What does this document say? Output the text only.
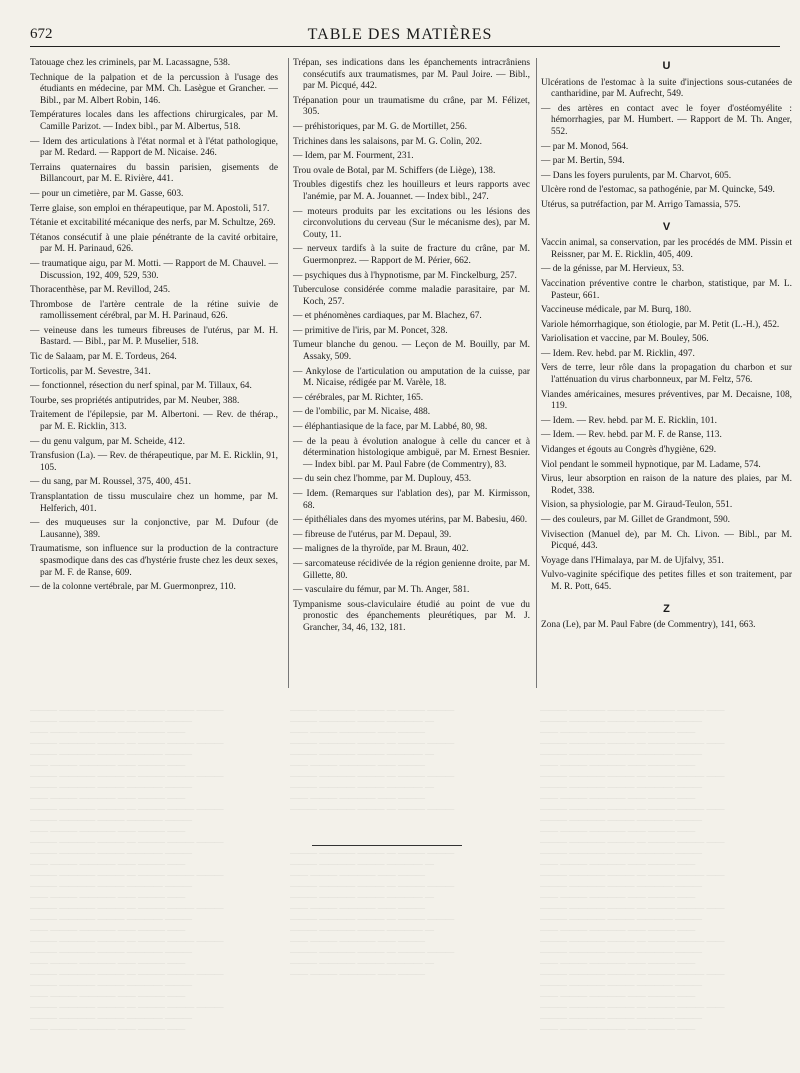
——— ———— ——— — ——— ——— ———
——— ———— ——— ———— ———
—— ——— ———— —— ——— ——
——— ———— ——— — ——— ——— ———
——— ———— ——— ———— ———
—— ——— ———— —— ——— ——
——— ———— ——— — ——— ——— ———
——— ———— ——— ———— ———
—— ——— ———— —— ——— ——
——— ———— ——— — ——— ——— ———
——— ———— ——— ———— ———
—— ——— ———— —— ——— ——
——— ———— ——— — ——— ——— ———
——— ———— ——— ———— ———
—— ——— ———— —— ——— ——
——— ———— ——— — ——— ——— ———
——— ———— ——— ———— ———
—— ——— ———— —— ——— ——
——— ———— ——— — ——— ——— ———
——— ———— ——— ———— ———
—— ——— ———— —— ——— ——
——— ———— ——— — ——— ——— ———
——— ———— ——— ———— ———
—— ——— ———— —— ——— ——
——— ———— ——— — ——— ——— ———
——— ———— ——— ———— ———
—— ——— ———— —— ——— ——
——— ———— ——— — ——— ——— ———
——— ———— ——— ———— ———
—— ——— ———— —— ——— ——
——— ———— ——— — ——— ———
——— ———— ——— ———— —
—— ——— ———— —— ———
——— ———— ——— — ——— ———
——— ———— ——— ———— —
—— ——— ———— —— ———
——— ———— ——— — ——— ———
——— ———— ——— ———— —
—— ——— ———— —— ———
——— ———— ——— — ——— ———

——— ———— ——— — ——— ———
——— ———— ——— ———— —
—— ——— ———— —— ———
——— ———— ——— — ——— ———
——— ———— ——— ———— —
—— ——— ———— —— ———
——— ———— ——— — ——— ———
——— ———— ——— ———— —
—— ——— ———— —— ———
——— ———— ——— — ——— ———
——— ———— ——— ———— —
—— ——— ———— —— ———
——— ———— ——— — ——— ——— ——
——— ———— ——— ———— ———
—— ——— ———— —— ——— ——
——— ———— ——— — ——— ——— ——
——— ———— ——— ———— ———
—— ——— ———— —— ——— ——
——— ———— ——— — ——— ——— ——
——— ———— ——— ———— ———
—— ——— ———— —— ——— ——
——— ———— ——— — ——— ——— ——
——— ———— ——— ———— ———
—— ——— ———— —— ——— ——
——— ———— ——— — ——— ——— ——
——— ———— ——— ———— ———
—— ——— ———— —— ——— ——
——— ———— ——— — ——— ——— ——
——— ———— ——— ———— ———
—— ——— ———— —— ——— ——
——— ———— ——— — ——— ——— ——
——— ———— ——— ———— ———
—— ——— ———— —— ——— ——
——— ———— ——— — ——— ——— ——
——— ———— ——— ———— ———
—— ——— ———— —— ——— ——
——— ———— ——— — ——— ——— ——
——— ———— ——— ———— ———
—— ——— ———— —— ——— ——
——— ———— ——— — ——— ——— ——
——— ———— ——— ———— ———
—— ——— ———— —— ——— ——
672	TABLE DES MATIÈRES
Tatouage chez les criminels, par M. Lacassagne, 538.
Technique de la palpation et de la percussion à l'usage des étudiants en médecine, par MM. Ch. Lasègue et Grancher. — Bibl., par M. Albert Robin, 146.
Températures locales dans les affections chirurgicales, par M. Camille Parizot. — Index bibl., par M. Albertus, 518.
— Idem des articulations à l'état normal et à l'état pathologique, par M. Redard. — Rapport de M. Nicaise. 246.
Terrains quaternaires du bassin parisien, gisements de Billancourt, par M. E. Rivière, 441.
— pour un cimetière, par M. Gasse, 603.
Terre glaise, son emploi en thérapeutique, par M. Apostoli, 517.
Tétanie et excitabilité mécanique des nerfs, par M. Schultze, 269.
Tétanos consécutif à une plaie pénétrante de la cavité orbitaire, par M. H. Parinaud, 626.
— traumatique aigu, par M. Motti. — Rapport de M. Chauvel. — Discussion, 192, 409, 529, 530.
Thoracenthèse, par M. Revillod, 245.
Thrombose de l'artère centrale de la rétine suivie de ramollissement cérébral, par M. H. Parinaud, 626.
— veineuse dans les tumeurs fibreuses de l'utérus, par M. H. Bastard. — Bibl., par M. P. Muselier, 518.
Tic de Salaam, par M. E. Tordeus, 264.
Torticolis, par M. Sevestre, 341.
— fonctionnel, résection du nerf spinal, par M. Tillaux, 64.
Tourbe, ses propriétés antiputrides, par M. Neuber, 388.
Traitement de l'épilepsie, par M. Albertoni. — Rev. de thérap., par M. E. Ricklin, 313.
— du genu valgum, par M. Scheide, 412.
Transfusion (La). — Rev. de thérapeutique, par M. E. Ricklin, 91, 105.
— du sang, par M. Roussel, 375, 400, 451.
Transplantation de tissu musculaire chez un homme, par M. Helferich, 401.
— des muqueuses sur la conjonctive, par M. Dufour (de Lausanne), 389.
Traumatisme, son influence sur la production de la contracture spasmodique dans des cas d'hystérie fruste chez les deux sexes, par M. F. de Ranse, 609.
— de la colonne vertébrale, par M. Guermonprez, 110.
Trépan, ses indications dans les épanchements intracrâniens consécutifs aux traumatismes, par M. Paul Joire. — Bibl., par M. Picqué, 442.
Trépanation pour un traumatisme du crâne, par M. Félizet, 305.
— préhistoriques, par M. G. de Mortillet, 256.
Trichines dans les salaisons, par M. G. Colin, 202.
— Idem, par M. Fourment, 231.
Trou ovale de Botal, par M. Schiffers (de Liège), 138.
Troubles digestifs chez les houilleurs et leurs rapports avec l'anémie, par M. A. Jouannet. — Index bibl., 247.
— moteurs produits par les excitations ou les lésions des circonvolutions du cerveau (Sur le mécanisme des), par M. Couty, 11.
— nerveux tardifs à la suite de fracture du crâne, par M. Guermonprez. — Rapport de M. Périer, 662.
— psychiques dus à l'hypnotisme, par M. Finckelburg, 257.
Tuberculose considérée comme maladie parasitaire, par M. Koch, 257.
— et phénomènes cardiaques, par M. Blachez, 67.
— primitive de l'iris, par M. Poncet, 328.
Tumeur blanche du genou. — Leçon de M. Bouilly, par M. Assaky, 509.
— Ankylose de l'articulation ou amputation de la cuisse, par M. Nicaise, rédigée par M. Varèle, 18.
— cérébrales, par M. Richter, 165.
— de l'ombilic, par M. Nicaise, 488.
— éléphantiasique de la face, par M. Labbé, 80, 98.
— de la peau à évolution analogue à celle du cancer et à détermination histologique ambiguë, par M. Ernest Besnier. — Index bibl. par M. Paul Fabre (de Commentry), 83.
— du sein chez l'homme, par M. Duplouy, 453.
— Idem. (Remarques sur l'ablation des), par M. Kirmisson, 68.
— épithéliales dans des myomes utérins, par M. Babesiu, 460.
— fibreuse de l'utérus, par M. Depaul, 39.
— malignes de la thyroïde, par M. Braun, 402.
— sarcomateuse récidivée de la région genienne droite, par M. Gillette, 80.
— vasculaire du fémur, par M. Th. Anger, 581.
Tympanisme sous-claviculaire étudié au point de vue du pronostic des épanchements pleurétiques, par M. J. Grancher, 34, 46, 132, 181.
U
Ulcérations de l'estomac à la suite d'injections sous-cutanées de cantharidine, par M. Aufrecht, 549.
— des artères en contact avec le foyer d'ostéomyélite : hémorrhagies, par M. Humbert. — Rapport de M. Th. Anger, 552.
— par M. Monod, 564.
— par M. Bertin, 594.
— Dans les foyers purulents, par M. Charvot, 605.
Ulcère rond de l'estomac, sa pathogénie, par M. Quincke, 549.
Utérus, sa putréfaction, par M. Arrigo Tamassia, 575.
V
Vaccin animal, sa conservation, par les procédés de MM. Pissin et Reissner, par M. E. Ricklin, 405, 409.
— de la génisse, par M. Hervieux, 53.
Vaccination préventive contre le charbon, statistique, par M. L. Pasteur, 661.
Vaccineuse médicale, par M. Burq, 180.
Variole hémorrhagique, son étiologie, par M. Petit (L.-H.), 452.
Variolisation et vaccine, par M. Bouley, 506.
— Idem. Rev. hebd. par M. Ricklin, 497.
Vers de terre, leur rôle dans la propagation du charbon et sur l'atténuation du virus charbonneux, par M. Feltz, 576.
Viandes américaines, mesures préventives, par M. Decaisne, 108, 119.
— Idem. — Rev. hebd. par M. E. Ricklin, 101.
— Idem. — Rev. hebd. par M. F. de Ranse, 113.
Vidanges et égouts au Congrès d'hygiène, 629.
Viol pendant le sommeil hypnotique, par M. Ladame, 574.
Virus, leur absorption en raison de la nature des plaies, par M. Rodet, 338.
Vision, sa physiologie, par M. Giraud-Teulon, 551.
— des couleurs, par M. Gillet de Grandmont, 590.
Vivisection (Manuel de), par M. Ch. Livon. — Bibl., par M. Picqué, 443.
Voyage dans l'Himalaya, par M. de Ujfalvy, 351.
Vulvo-vaginite spécifique des petites filles et son traitement, par M. R. Pott, 645.
Z
Zona (Le), par M. Paul Fabre (de Commentry), 141, 663.
